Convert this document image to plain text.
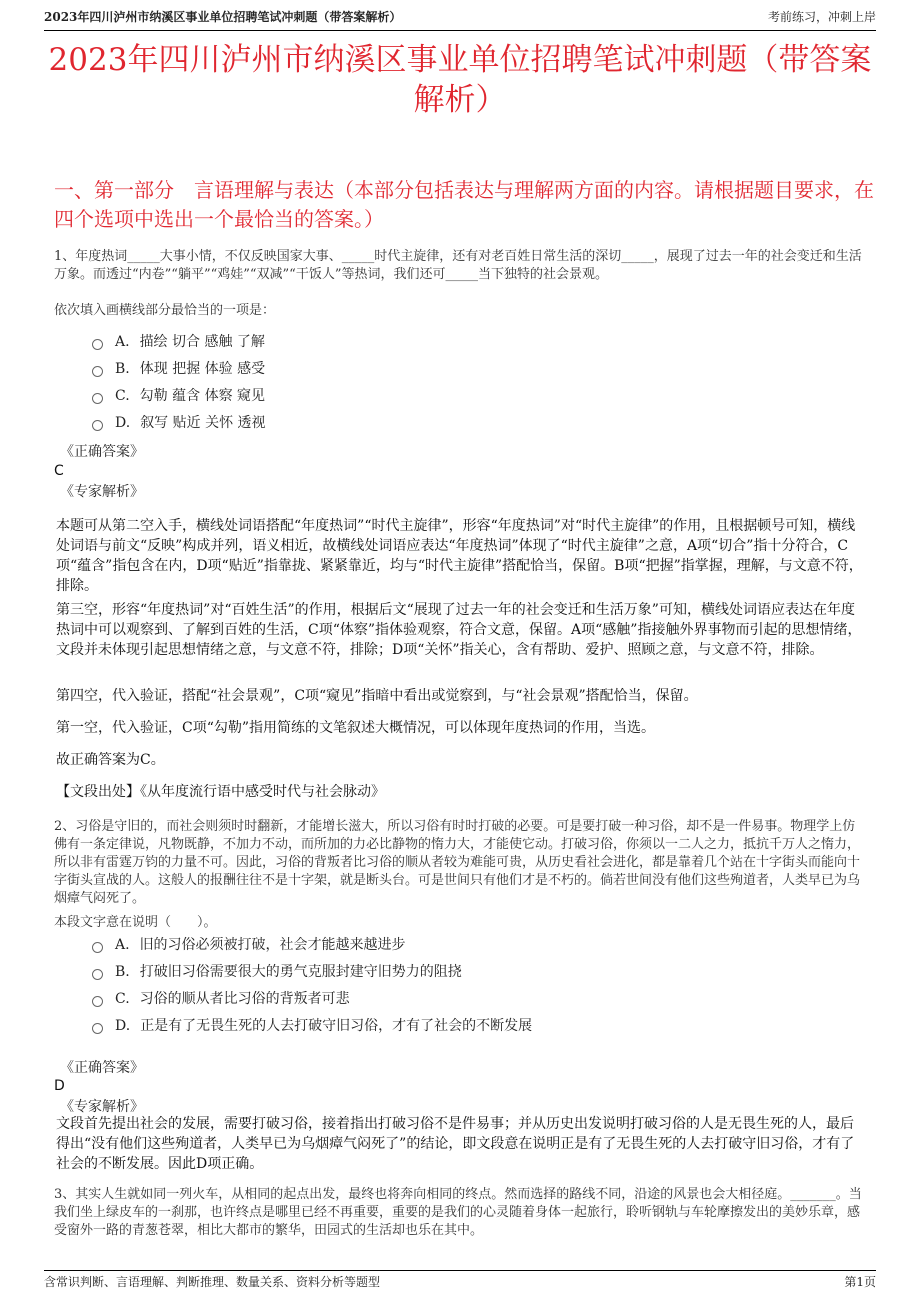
2023年四川泸州市纳溪区事业单位招聘笔试冲刺题（带答案解析）	考前练习，冲刺上岸
2023年四川泸州市纳溪区事业单位招聘笔试冲刺题（带答案解析）
一、第一部分　言语理解与表达（本部分包括表达与理解两方面的内容。请根据题目要求，在四个选项中选出一个最恰当的答案。）
1、年度热词_____大事小情，不仅反映国家大事、_____时代主旋律，还有对老百姓日常生活的深切_____，展现了过去一年的社会变迁和生活万象。而透过“内卷”“躺平”“鸡娃”“双减”“干饭人”等热词，我们还可_____当下独特的社会景观。
依次填入画横线部分最恰当的一项是：
A. 描绘 切合 感触 了解
B. 体现 把握 体验 感受
C. 勾勒 蕴含 体察 窥见
D. 叙写 贴近 关怀 透视
《正确答案》
C
《专家解析》
本题可从第二空入手，横线处词语搭配“年度热词”“时代主旋律”，形容“年度热词”对“时代主旋律”的作用，且根据顿号可知，横线处词语与前文“反映”构成并列，语义相近，故横线处词语应表达“年度热词”体现了“时代主旋律”之意，A项“切合”指十分符合，C项“蕴含”指包含在内，D项“贴近”指靠拢、紧紧靠近，均与“时代主旋律”搭配恰当，保留。B项“把握”指掌握，理解，与文意不符，排除。
第三空，形容“年度热词”对“百姓生活”的作用，根据后文“展现了过去一年的社会变迁和生活万象”可知，横线处词语应表达在年度热词中可以观察到、了解到百姓的生活，C项“体察”指体验观察，符合文意，保留。A项“感触”指接触外界事物而引起的思想情绪，文段并未体现引起思想情绪之意，与文意不符，排除；D项“关怀”指关心，含有帮助、爱护、照顾之意，与文意不符，排除。
第四空，代入验证，搭配“社会景观”，C项“窥见”指暗中看出或觉察到，与“社会景观”搭配恰当，保留。
第一空，代入验证，C项“勾勒”指用简练的文笔叙述大概情况，可以体现年度热词的作用，当选。
故正确答案为C。
【文段出处】《从年度流行语中感受时代与社会脉动》
2、习俗是守旧的，而社会则须时时翻新，才能增长滋大，所以习俗有时时打破的必要。可是要打破一种习俗，却不是一件易事。物理学上仿佛有一条定律说，凡物既静，不加力不动，而所加的力必比静物的惰力大，才能使它动。打破习俗，你须以一二人之力，抵抗千万人之惰力，所以非有雷霆万钧的力量不可。因此，习俗的背叛者比习俗的顺从者较为难能可贵，从历史看社会进化，都是靠着几个站在十字街头而能向十字街头宣战的人。这般人的报酬往往不是十字架，就是断头台。可是世间只有他们才是不朽的。倘若世间没有他们这些殉道者，人类早已为乌烟瘴气闷死了。
本段文字意在说明（　　）。
A. 旧的习俗必须被打破，社会才能越来越进步
B. 打破旧习俗需要很大的勇气克服封建守旧势力的阻挠
C. 习俗的顺从者比习俗的背叛者可悲
D. 正是有了无畏生死的人去打破守旧习俗，才有了社会的不断发展
《正确答案》
D
《专家解析》
文段首先提出社会的发展，需要打破习俗，接着指出打破习俗不是件易事；并从历史出发说明打破习俗的人是无畏生死的人，最后得出“没有他们这些殉道者，人类早已为乌烟瘴气闷死了”的结论，即文段意在说明正是有了无畏生死的人去打破守旧习俗，才有了社会的不断发展。因此D项正确。
3、其实人生就如同一列火车，从相同的起点出发，最终也将奔向相同的终点。然而选择的路线不同，沿途的风景也会大相径庭。_______。当我们坐上绿皮车的一刹那，也许终点是哪里已经不再重要，重要的是我们的心灵随着身体一起旅行，聆听钢轨与车轮摩擦发出的美妙乐章，感受窗外一路的青葱苍翠，相比大都市的繁华，田园式的生活却也乐在其中。
含常识判断、言语理解、判断推理、数量关系、资料分析等题型	第1页
